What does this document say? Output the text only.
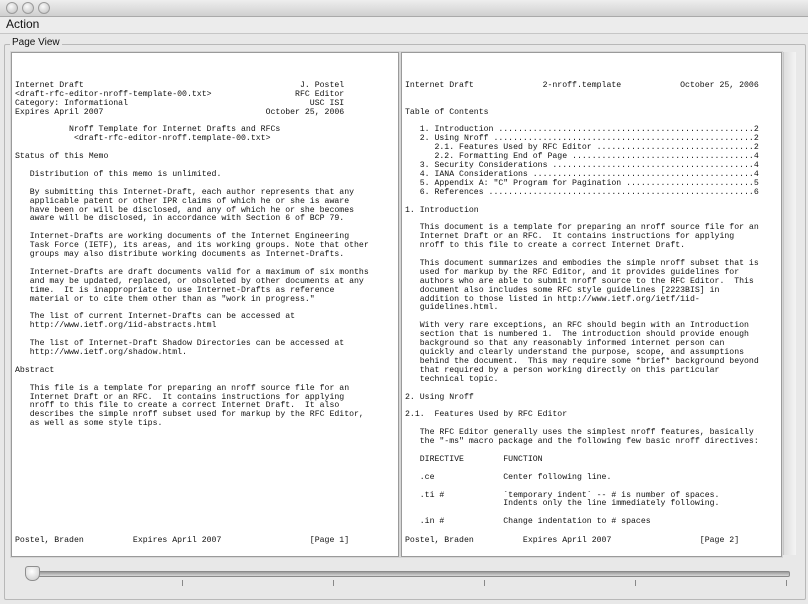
Action
Page View

Internet Draft                                            J. Postel
<draft-rfc-editor-nroff-template-00.txt>                 RFC Editor
Category: Informational                                     USC ISI
Expires April 2007                                 October 25, 2006

Nroff Template for Internet Drafts and RFCs
<draft-rfc-editor-nroff.template-00.txt>

Status of this Memo

Distribution of this memo is unlimited.

By submitting this Internet-Draft, each author represents that any
applicable patent or other IPR claims of which he or she is aware
have been or will be disclosed, and any of which he or she becomes
aware will be disclosed, in accordance with Section 6 of BCP 79.

Internet-Drafts are working documents of the Internet Engineering
Task Force (IETF), its areas, and its working groups. Note that other
groups may also distribute working documents as Internet-Drafts.

Internet-Drafts are draft documents valid for a maximum of six months
and may be updated, replaced, or obsoleted by other documents at any
time.  It is inappropriate to use Internet-Drafts as reference
material or to cite them other than as "work in progress."

The list of current Internet-Drafts can be accessed at
http://www.ietf.org/1id-abstracts.html

The list of Internet-Draft Shadow Directories can be accessed at
http://www.ietf.org/shadow.html.

Abstract

This file is a template for preparing an nroff source file for an
Internet Draft or an RFC.  It contains instructions for applying
nroff to this file to create a correct Internet Draft.  It also
describes the simple nroff subset used for markup by the RFC Editor,
as well as some style tips.

Postel, Braden          Expires April 2007                  [Page 1]

Internet Draft              2-nroff.template            October 25, 2006

Table of Contents

1. Introduction ....................................................2
2. Using Nroff .....................................................2
2.1. Features Used by RFC Editor ................................2
2.2. Formatting End of Page .....................................4
3. Security Considerations .........................................4
4. IANA Considerations .............................................4
5. Appendix A: "C" Program for Pagination ..........................5
6. References ......................................................6

1. Introduction

This document is a template for preparing an nroff source file for an
Internet Draft or an RFC.  It contains instructions for applying
nroff to this file to create a correct Internet Draft.

This document summarizes and embodies the simple nroff subset that is
used for markup by the RFC Editor, and it provides guidelines for
authors who are able to submit nroff source to the RFC Editor.  This
document also includes some RFC style guidelines [2223BIS] in
addition to those listed in http://www.ietf.org/ietf/1id-
guidelines.html.

With very rare exceptions, an RFC should begin with an Introduction
section that is numbered 1.  The introduction should provide enough
background so that any reasonably informed internet person can
quickly and clearly understand the purpose, scope, and assumptions
behind the document.  This may require some *brief* background beyond
that required by a person working directly on this particular
technical topic.

2. Using Nroff

2.1.  Features Used by RFC Editor

The RFC Editor generally uses the simplest nroff features, basically
the "-ms" macro package and the following few basic nroff directives:

DIRECTIVE        FUNCTION

.ce              Center following line.

.ti #            `temporary indent` -- # is number of spaces.
Indents only the line immediately following.

.in #            Change indentation to # spaces

Postel, Braden          Expires April 2007                  [Page 2]
